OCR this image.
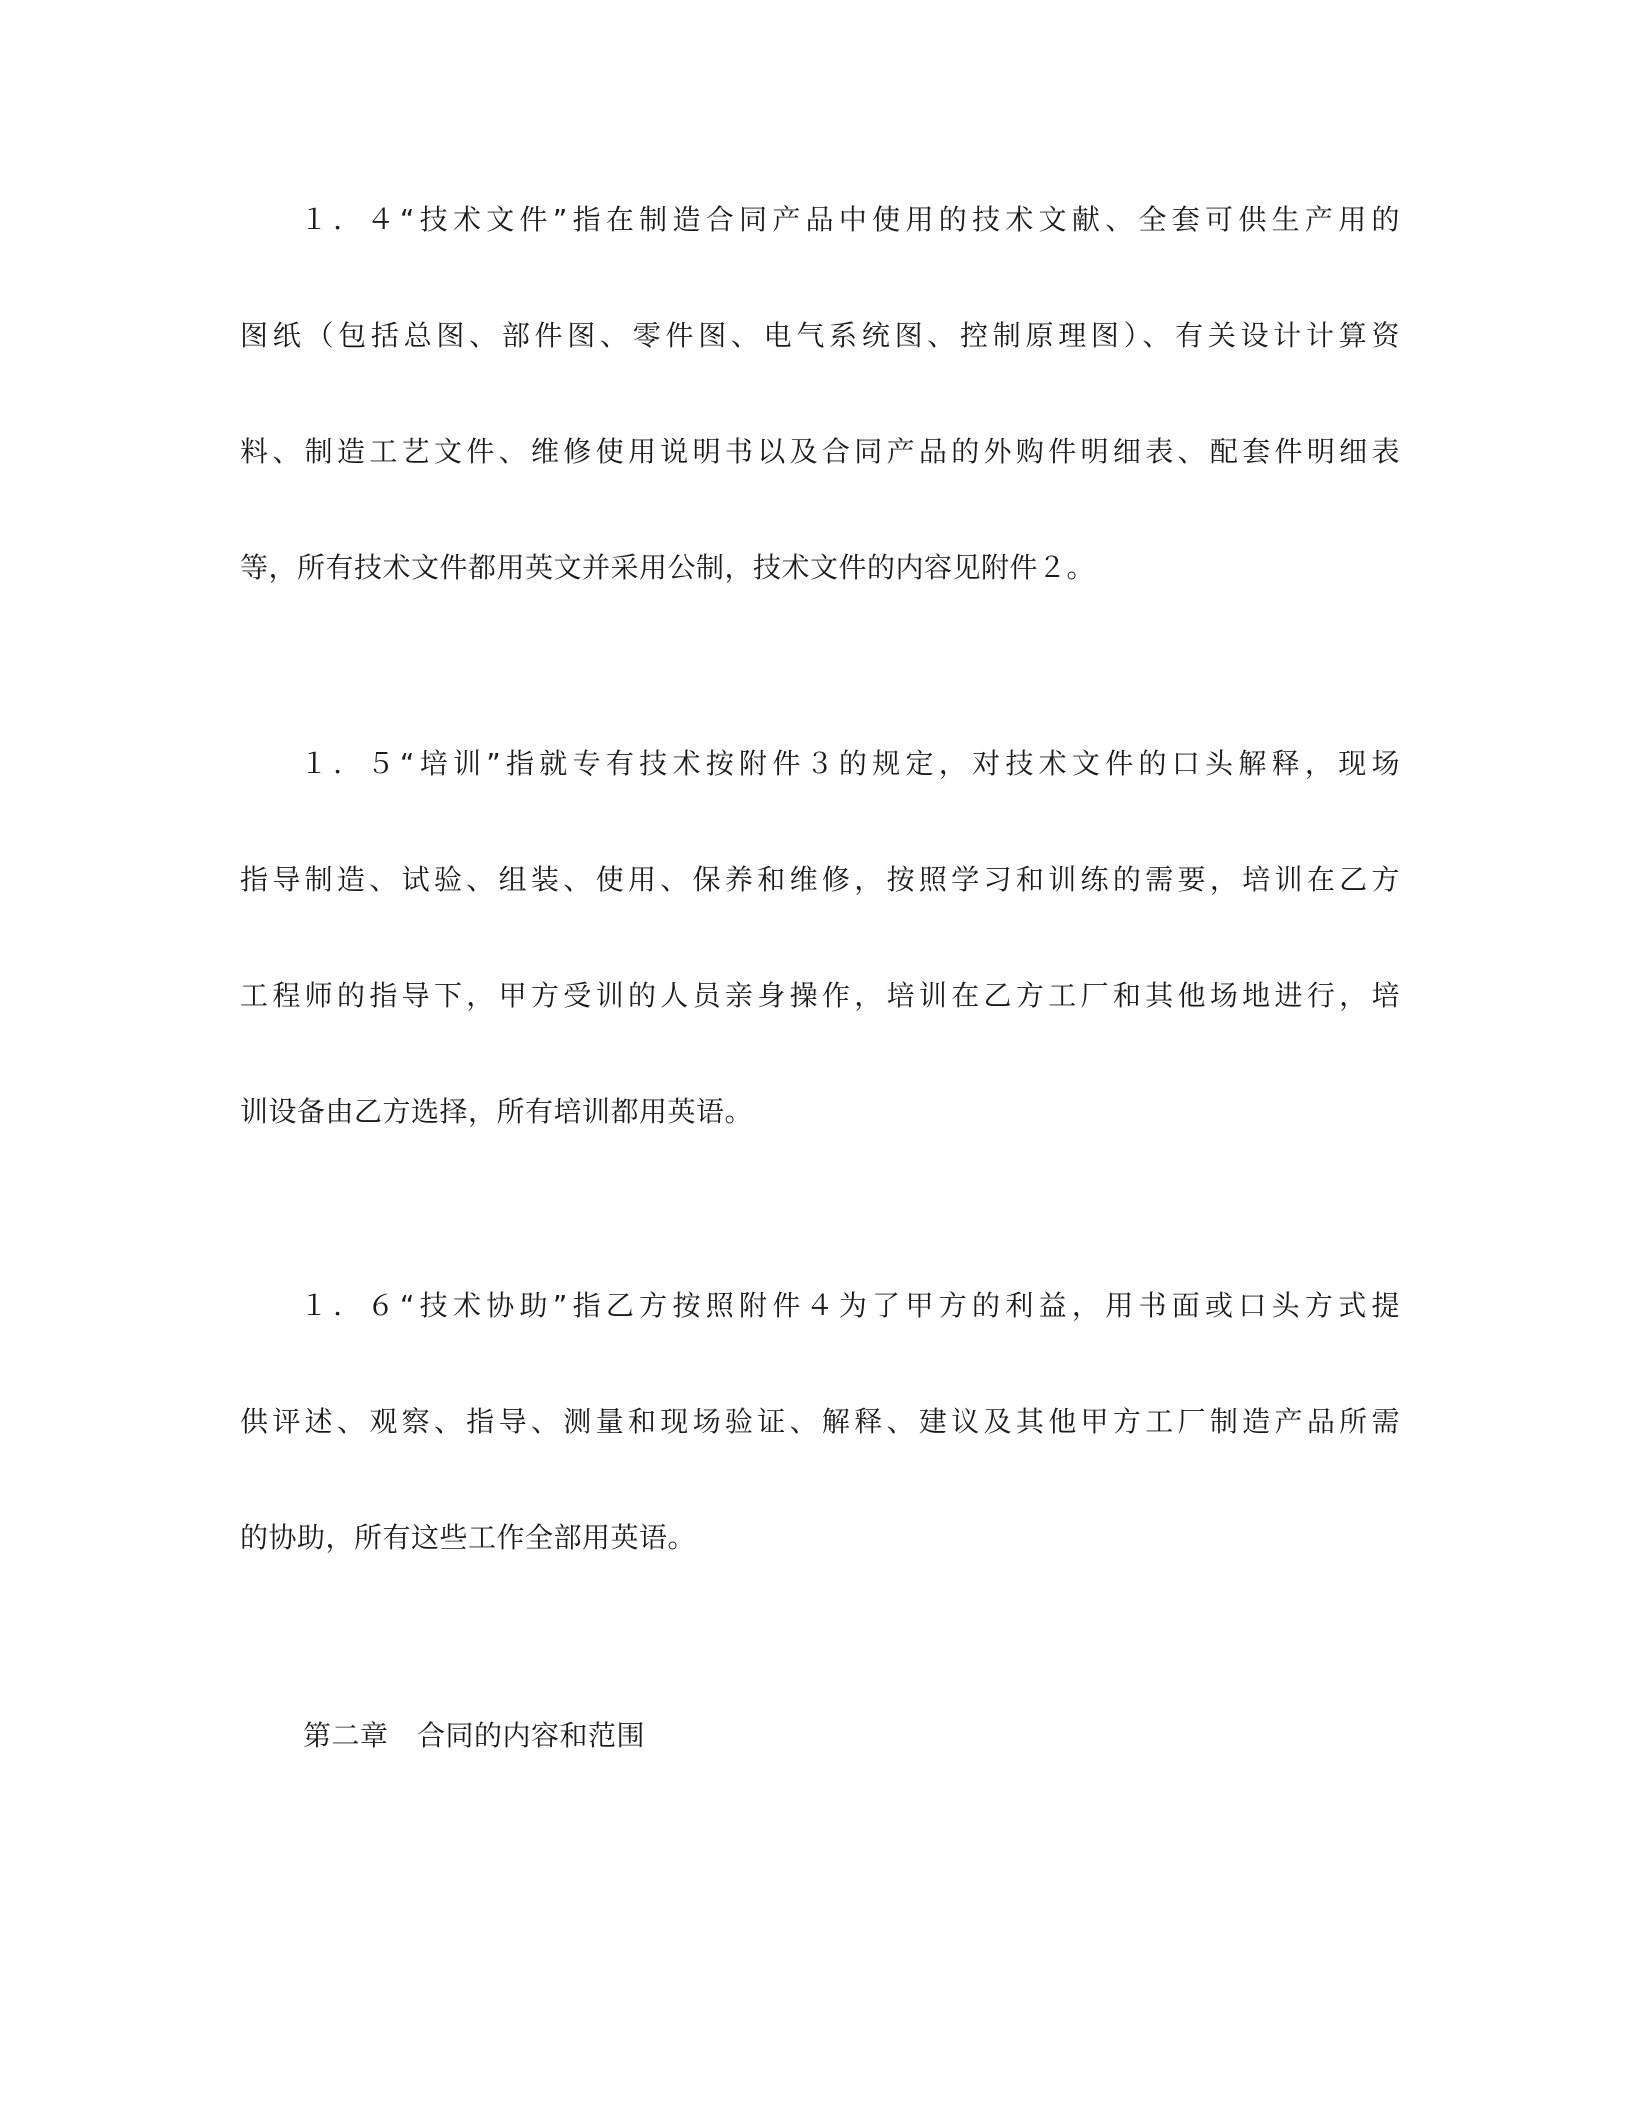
１．４“技术文件”指在制造合同产品中使用的技术文献、全套可供生产用的
图纸（包括总图、部件图、零件图、电气系统图、控制原理图）、有关设计计算资
料、制造工艺文件、维修使用说明书以及合同产品的外购件明细表、配套件明细表
等，所有技术文件都用英文并采用公制，技术文件的内容见附件２。
１．５“培训”指就专有技术按附件３的规定，对技术文件的口头解释，现场
指导制造、试验、组装、使用、保养和维修，按照学习和训练的需要，培训在乙方
工程师的指导下，甲方受训的人员亲身操作，培训在乙方工厂和其他场地进行，培
训设备由乙方选择，所有培训都用英语。
１．６“技术协助”指乙方按照附件４为了甲方的利益，用书面或口头方式提
供评述、观察、指导、测量和现场验证、解释、建议及其他甲方工厂制造产品所需
的协助，所有这些工作全部用英语。

第二章　合同的内容和范围
